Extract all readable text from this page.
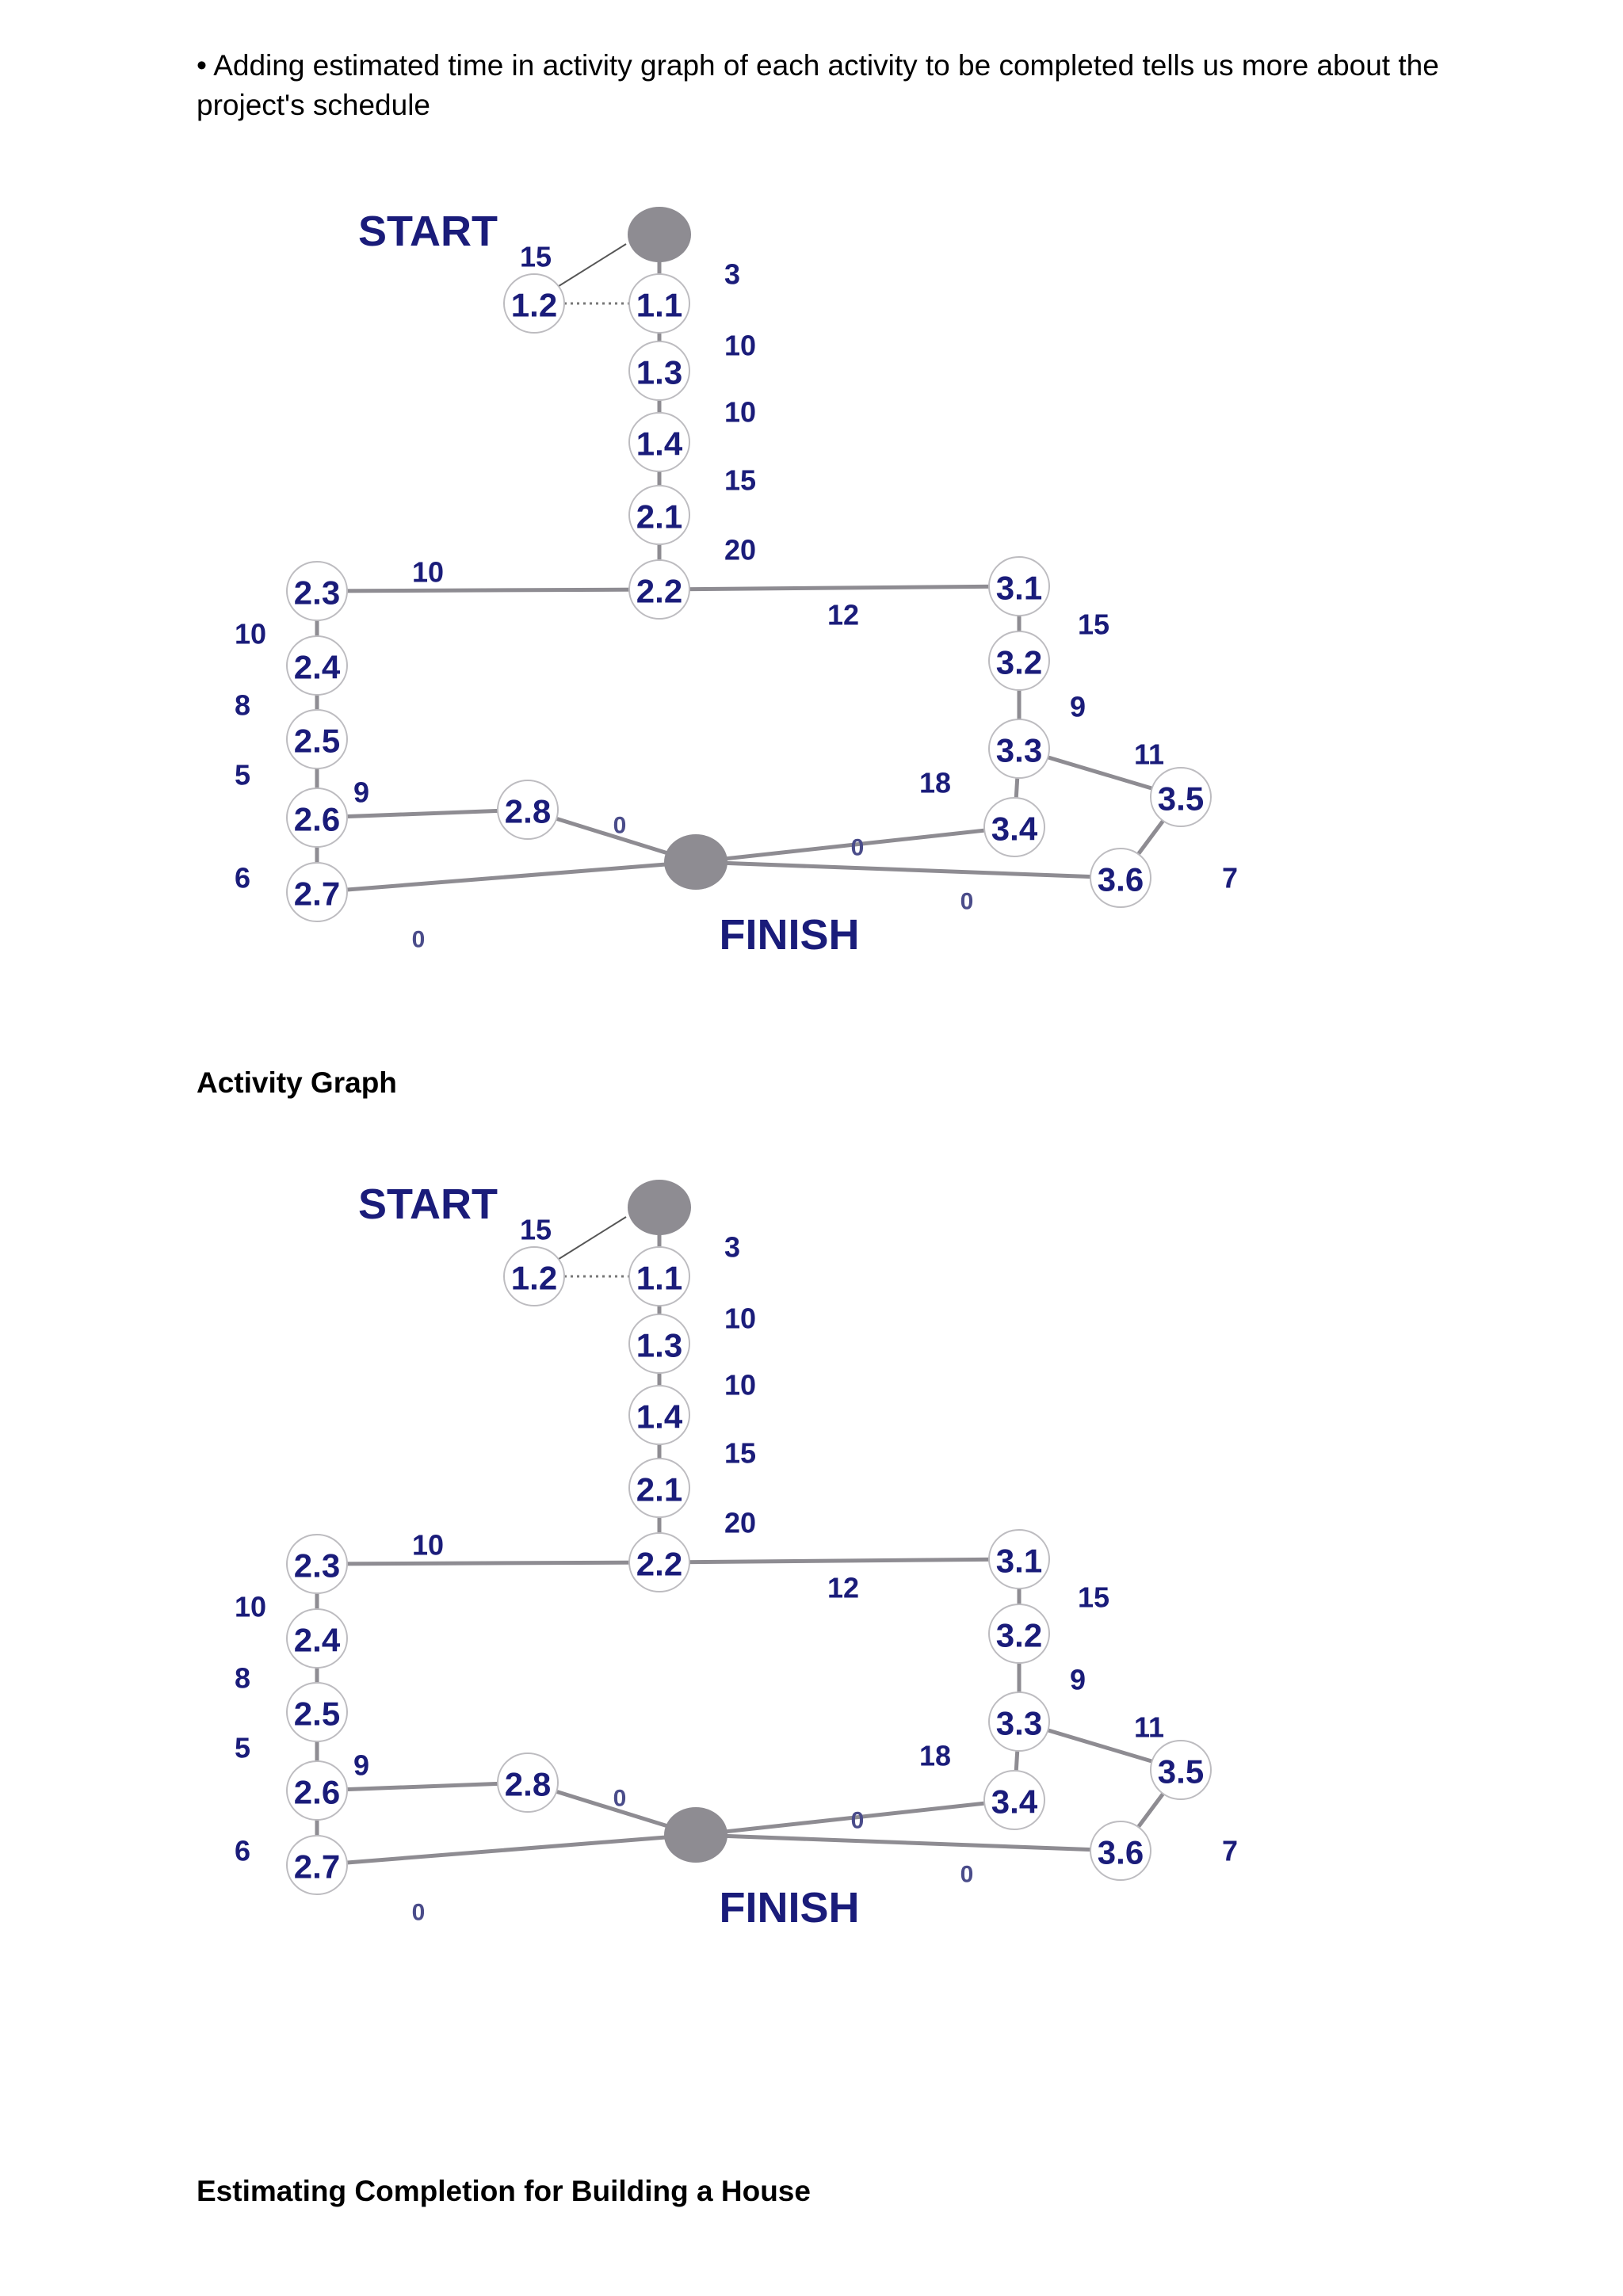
• Adding estimated time in activity graph of each activity to be completed tells us more about the project's schedule
1.1
1.2
1.3
1.4
2.1
2.2
2.3
2.4
2.5
2.6
2.7
2.8
3.1
3.2
3.3
3.4
3.5
3.6
10
10
15
20
10
12
10
8
5
9
6
0
0
15
9
18
11
7
0
0
15
3
START
FINISH
Activity Graph
1.1
1.2
1.3
1.4
2.1
2.2
2.3
2.4
2.5
2.6
2.7
2.8
3.1
3.2
3.3
3.4
3.5
3.6
10
10
15
20
10
12
10
8
5
9
6
0
0
15
9
18
11
7
0
0
15
3
START
FINISH
Estimating Completion for Building a House
